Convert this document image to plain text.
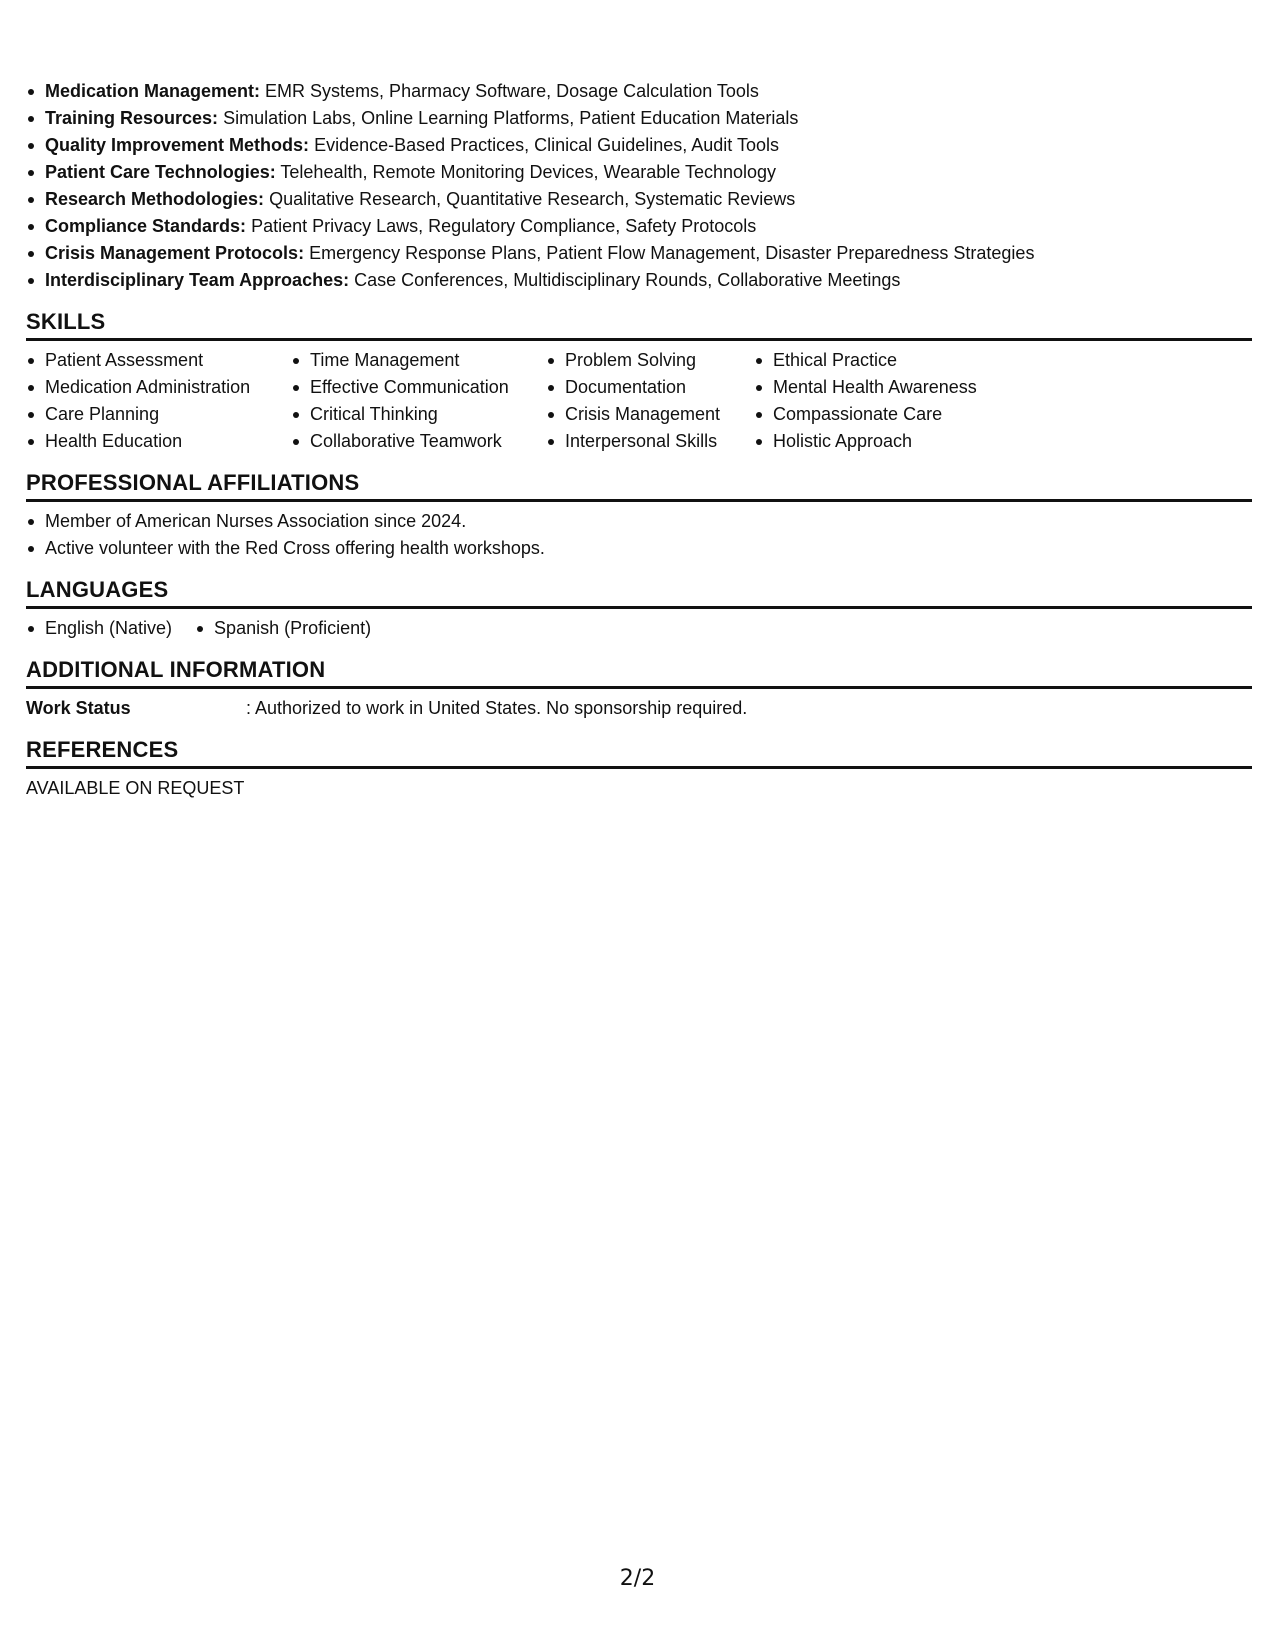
Medication Management: EMR Systems, Pharmacy Software, Dosage Calculation Tools
Training Resources: Simulation Labs, Online Learning Platforms, Patient Education Materials
Quality Improvement Methods: Evidence-Based Practices, Clinical Guidelines, Audit Tools
Patient Care Technologies: Telehealth, Remote Monitoring Devices, Wearable Technology
Research Methodologies: Qualitative Research, Quantitative Research, Systematic Reviews
Compliance Standards: Patient Privacy Laws, Regulatory Compliance, Safety Protocols
Crisis Management Protocols: Emergency Response Plans, Patient Flow Management, Disaster Preparedness Strategies
Interdisciplinary Team Approaches: Case Conferences, Multidisciplinary Rounds, Collaborative Meetings
SKILLS
Patient Assessment
Medication Administration
Care Planning
Health Education
Time Management
Effective Communication
Critical Thinking
Collaborative Teamwork
Problem Solving
Documentation
Crisis Management
Interpersonal Skills
Ethical Practice
Mental Health Awareness
Compassionate Care
Holistic Approach
PROFESSIONAL AFFILIATIONS
Member of American Nurses Association since 2024.
Active volunteer with the Red Cross offering health workshops.
LANGUAGES
English (Native)	Spanish (Proficient)
ADDITIONAL INFORMATION
Work Status	: Authorized to work in United States. No sponsorship required.
REFERENCES
AVAILABLE ON REQUEST
2/2
